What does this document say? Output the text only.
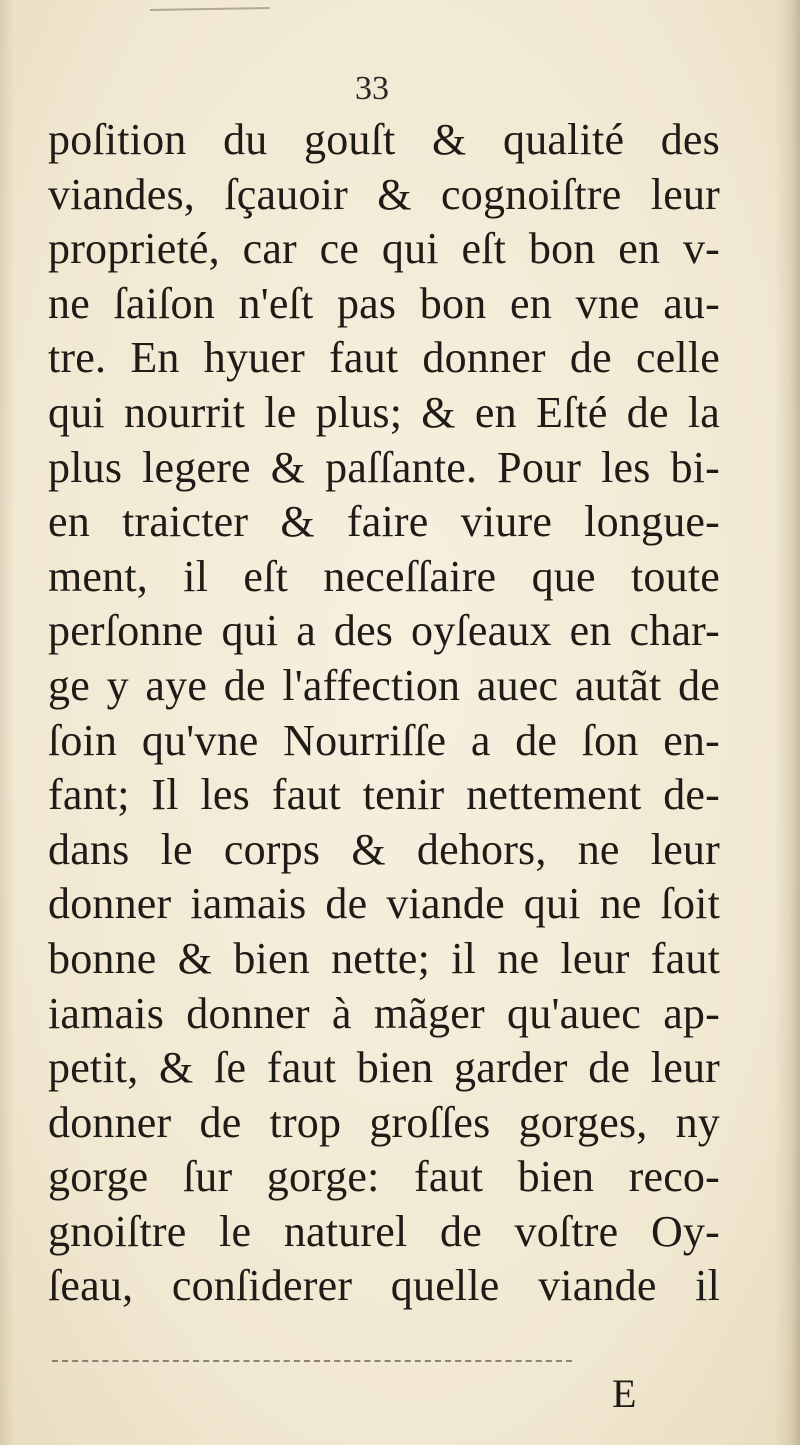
33
poſition du gouſt & qualité des
viandes, ſçauoir & cognoiſtre leur
proprieté, car ce qui eſt bon en v-
ne ſaiſon n'eſt pas bon en vne au-
tre. En hyuer faut donner de celle
qui nourrit le plus; & en Eſté de la
plus legere & paſſante. Pour les bi-
en traicter & faire viure longue-
ment, il eſt neceſſaire que toute
perſonne qui a des oyſeaux en char-
ge y aye de l'affection auec autãt de
ſoin qu'vne Nourriſſe a de ſon en-
fant; Il les faut tenir nettement de-
dans le corps & dehors, ne leur
donner iamais de viande qui ne ſoit
bonne & bien nette; il ne leur faut
iamais donner à mãger qu'auec ap-
petit, & ſe faut bien garder de leur
donner de trop groſſes gorges, ny
gorge ſur gorge: faut bien reco-
gnoiſtre le naturel de voſtre Oy-
ſeau, conſiderer quelle viande il
E
